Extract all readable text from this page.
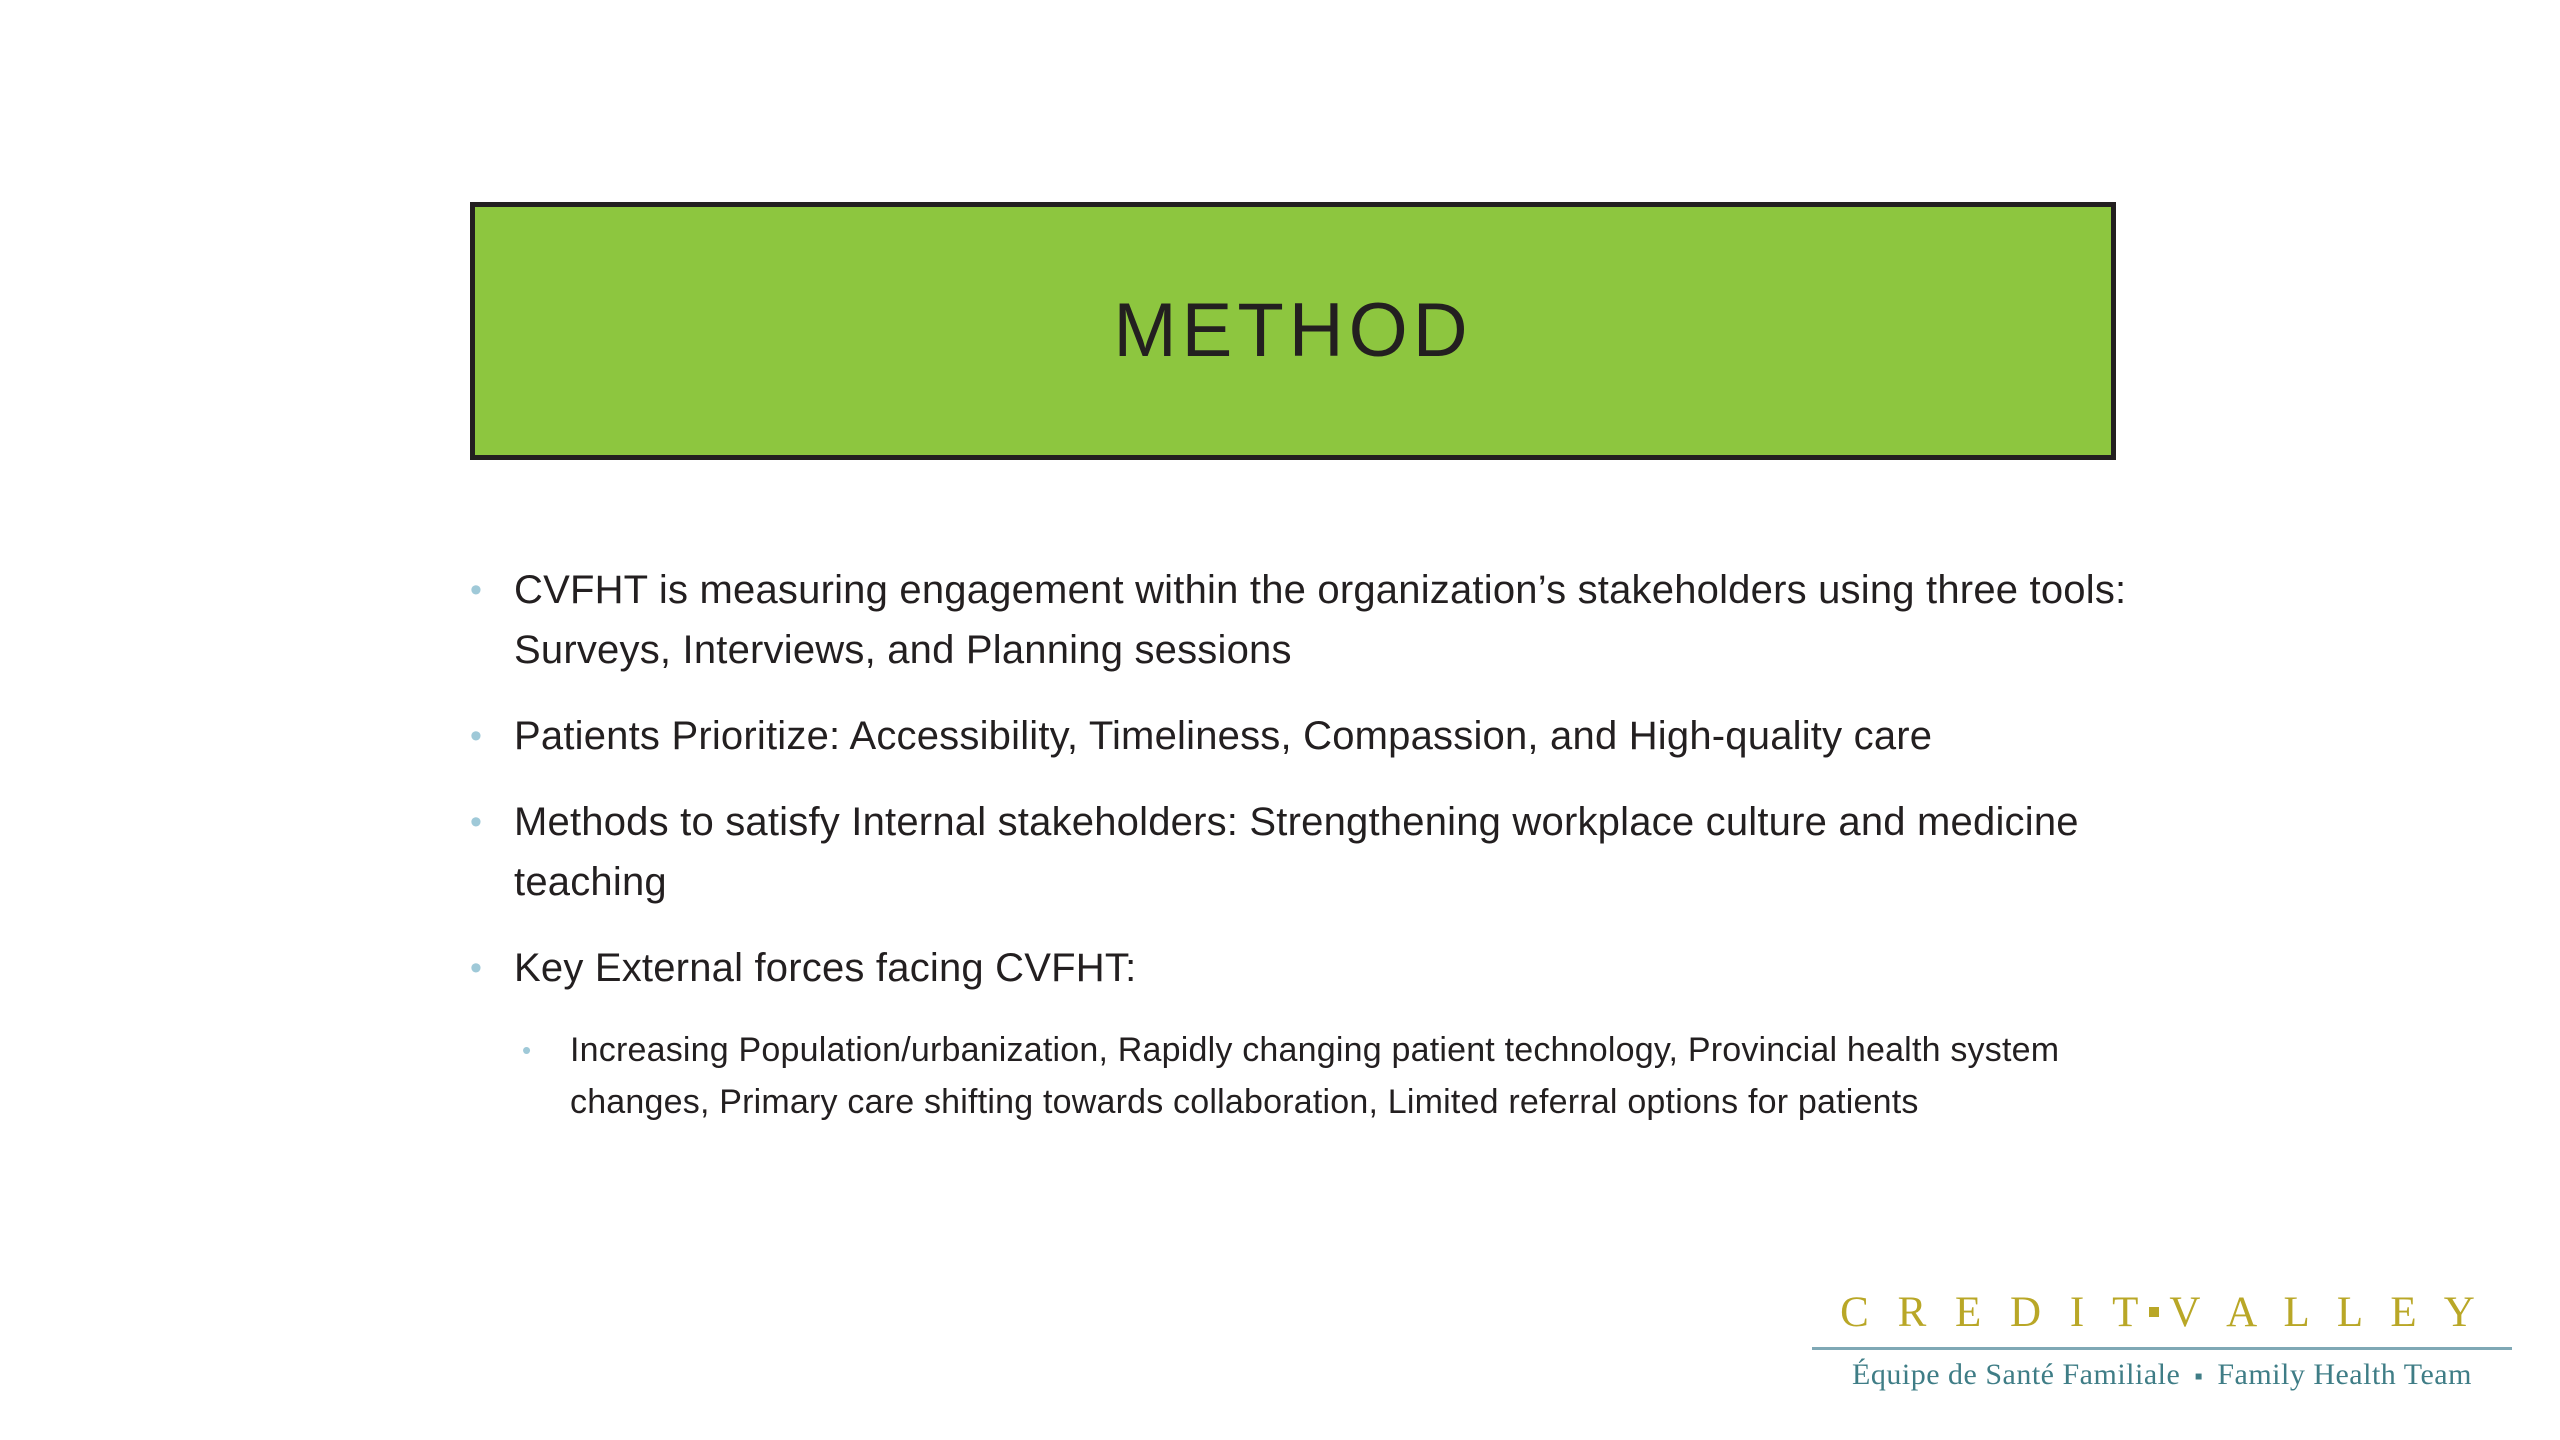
METHOD
• CVFHT is measuring engagement within the organization’s stakeholders using three tools: Surveys, Interviews, and Planning sessions
• Patients Prioritize: Accessibility, Timeliness, Compassion, and High-quality care
• Methods to satisfy Internal stakeholders: Strengthening workplace culture and medicine teaching
• Key External forces facing CVFHT:
•	Increasing Population/urbanization, Rapidly changing patient technology, Provincial health system changes, Primary care shifting towards collaboration, Limited referral options for patients
C R E D I T V A L L E Y
Équipe de Santé Familiale ▪ Family Health Team
